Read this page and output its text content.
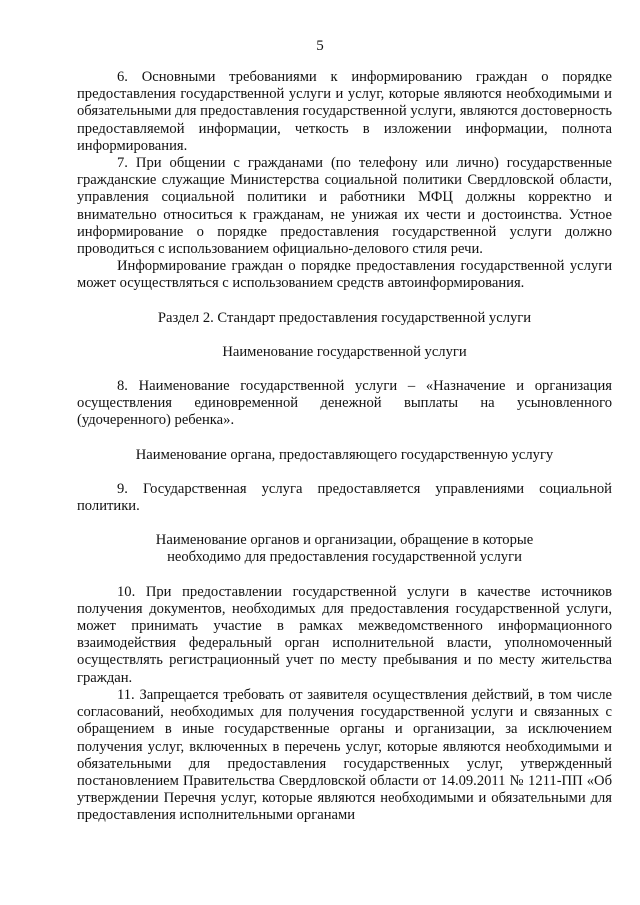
5

6. Основными требованиями к информированию граждан о порядке предоставления государственной услуги и услуг, которые являются необходимыми и обязательными для предоставления государственной услуги, являются достоверность предоставляемой информации, четкость в изложении информации, полнота информирования.

7. При общении с гражданами (по телефону или лично) государственные гражданские служащие Министерства социальной политики Свердловской области, управления социальной политики и работники МФЦ должны корректно и внимательно относиться к гражданам, не унижая их чести и достоинства. Устное информирование о порядке предоставления государственной услуги должно проводиться с использованием официально-делового стиля речи.

Информирование граждан о порядке предоставления государственной услуги может осуществляться с использованием средств автоинформирования.

Раздел 2. Стандарт предоставления государственной услуги
Наименование государственной услуги

8. Наименование государственной услуги – «Назначение и организация осуществления единовременной денежной выплаты на усыновленного (удочеренного) ребенка».

Наименование органа, предоставляющего государственную услугу

9. Государственная услуга предоставляется управлениями социальной политики.

Наименование органов и организации, обращение в которые
необходимо для предоставления государственной услуги

10. При предоставлении государственной услуги в качестве источников получения документов, необходимых для предоставления государственной услуги, может принимать участие в рамках межведомственного информационного взаимодействия федеральный орган исполнительной власти, уполномоченный осуществлять регистрационный учет по месту пребывания и по месту жительства граждан.

11. Запрещается требовать от заявителя осуществления действий, в том числе согласований, необходимых для получения государственной услуги и связанных с обращением в иные государственные органы и организации, за исключением получения услуг, включенных в перечень услуг, которые являются необходимыми и обязательными для предоставления государственных услуг, утвержденный постановлением Правительства Свердловской области от 14.09.2011 № 1211-ПП «Об утверждении Перечня услуг, которые являются необходимыми и обязательными для предоставления исполнительными органами
